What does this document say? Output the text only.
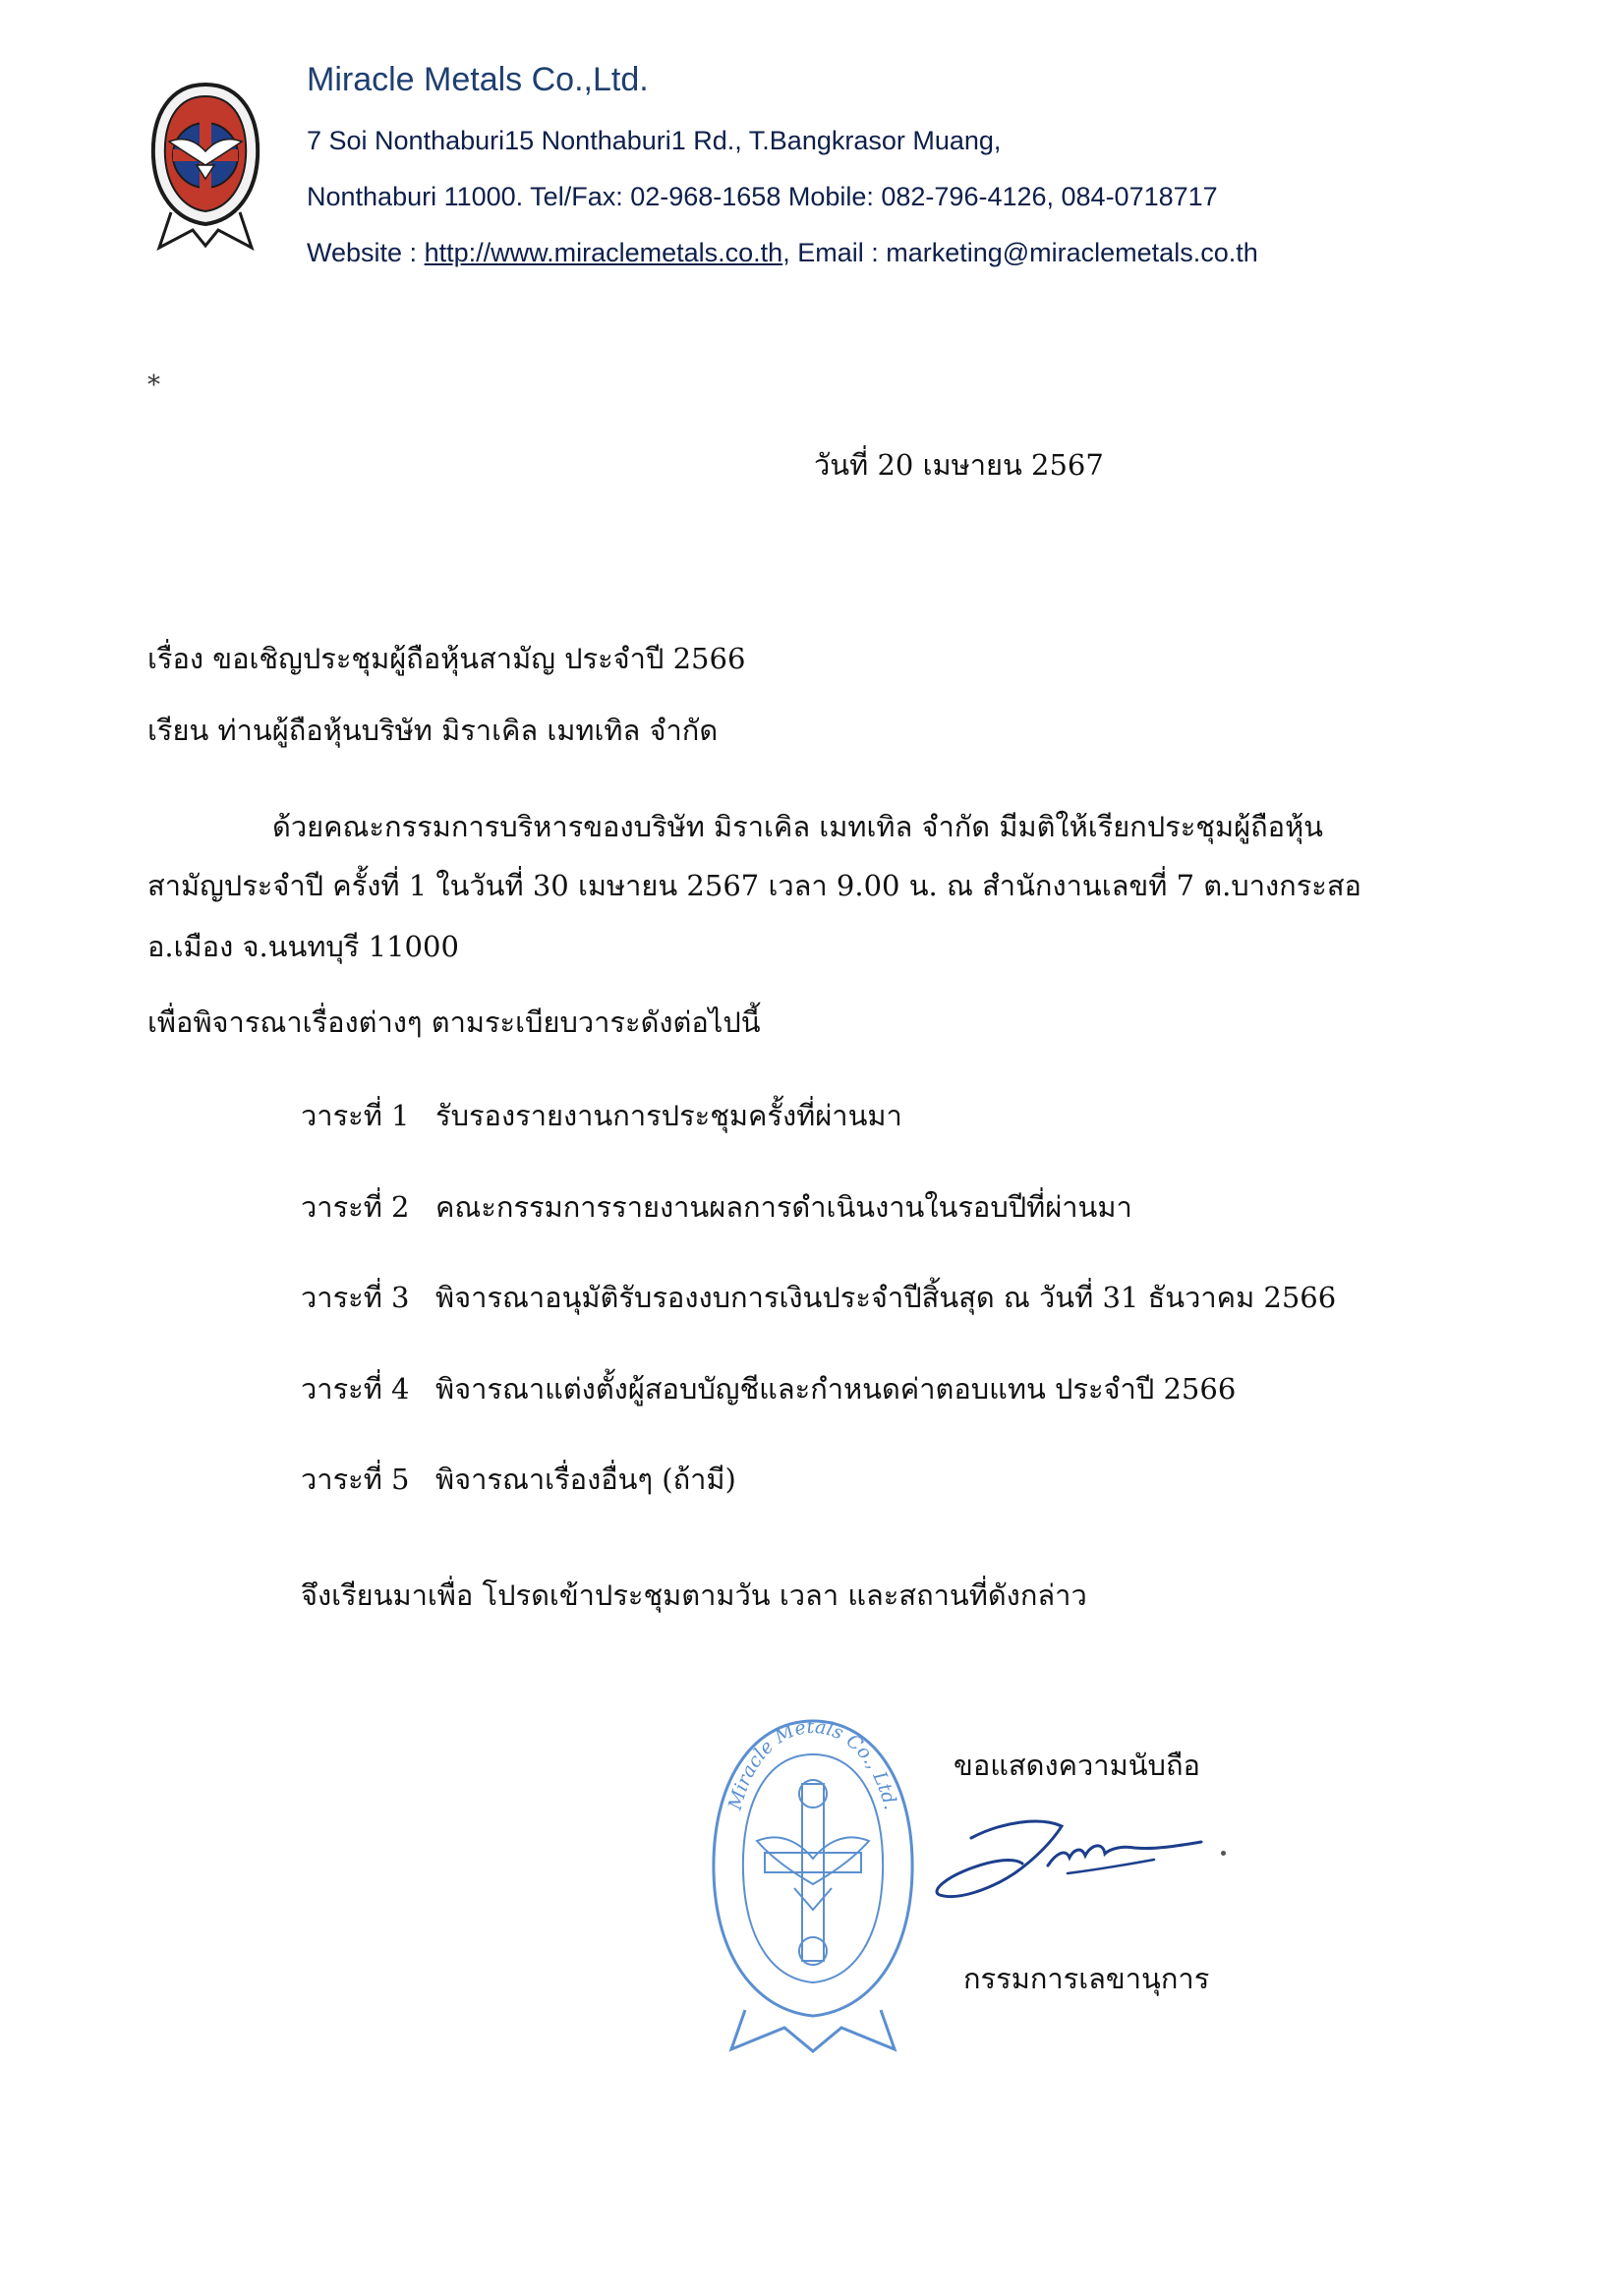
Miracle Metals Co.,Ltd.
7 Soi Nonthaburi15 Nonthaburi1 Rd., T.Bangkrasor Muang,
Nonthaburi 11000. Tel/Fax: 02-968-1658 Mobile: 082-796-4126, 084-0718717
Website : http://www.miraclemetals.co.th, Email : marketing@miraclemetals.co.th
*
วันที่ 20 เมษายน 2567
เรื่อง ขอเชิญประชุมผู้ถือหุ้นสามัญ ประจำปี 2566
เรียน ท่านผู้ถือหุ้นบริษัท มิราเคิล เมทเทิล จำกัด
ด้วยคณะกรรมการบริหารของบริษัท มิราเคิล เมทเทิล จำกัด มีมติให้เรียกประชุมผู้ถือหุ้น
สามัญประจำปี ครั้งที่ 1 ในวันที่ 30 เมษายน 2567 เวลา 9.00 น. ณ สำนักงานเลขที่ 7 ต.บางกระสอ
อ.เมือง จ.นนทบุรี 11000
เพื่อพิจารณาเรื่องต่างๆ ตามระเบียบวาระดังต่อไปนี้
วาระที่ 1 รับรองรายงานการประชุมครั้งที่ผ่านมา
วาระที่ 2 คณะกรรมการรายงานผลการดำเนินงานในรอบปีที่ผ่านมา
วาระที่ 3 พิจารณาอนุมัติรับรองงบการเงินประจำปีสิ้นสุด ณ วันที่ 31 ธันวาคม 2566
วาระที่ 4 พิจารณาแต่งตั้งผู้สอบบัญชีและกำหนดค่าตอบแทน ประจำปี 2566
วาระที่ 5 พิจารณาเรื่องอื่นๆ (ถ้ามี)
จึงเรียนมาเพื่อ โปรดเข้าประชุมตามวัน เวลา และสถานที่ดังกล่าว
ขอแสดงความนับถือ
Miracle Metals Co., Ltd.
กรรมการเลขานุการ
